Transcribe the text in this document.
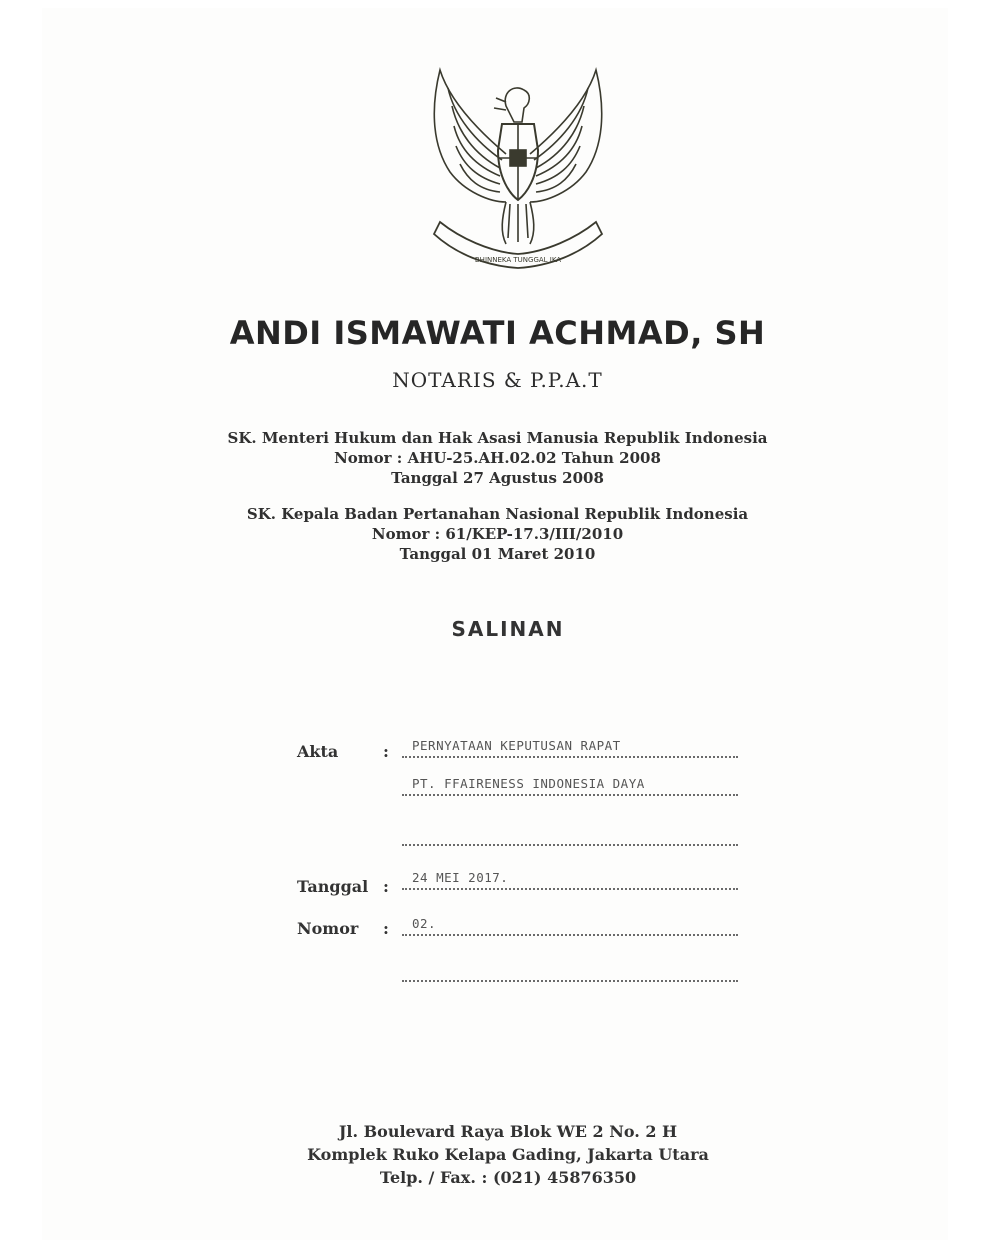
BHINNEKA TUNGGAL IKA
ANDI ISMAWATI ACHMAD, SH
NOTARIS & P.P.A.T
SK. Menteri Hukum dan Hak Asasi Manusia Republik Indonesia
Nomor : AHU-25.AH.02.02 Tahun 2008
Tanggal 27 Agustus 2008
SK. Kepala Badan Pertanahan Nasional Republik Indonesia
Nomor : 61/KEP-17.3/III/2010
Tanggal 01 Maret 2010
SALINAN
Akta	:	PERNYATAAN KEPUTUSAN RAPAT
PT. FFAIRENESS INDONESIA DAYA
Tanggal :	24 MEI 2017.
Nomor :	02.
Jl. Boulevard Raya Blok WE 2 No. 2 H
Komplek Ruko Kelapa Gading, Jakarta Utara
Telp. / Fax. : (021) 45876350
